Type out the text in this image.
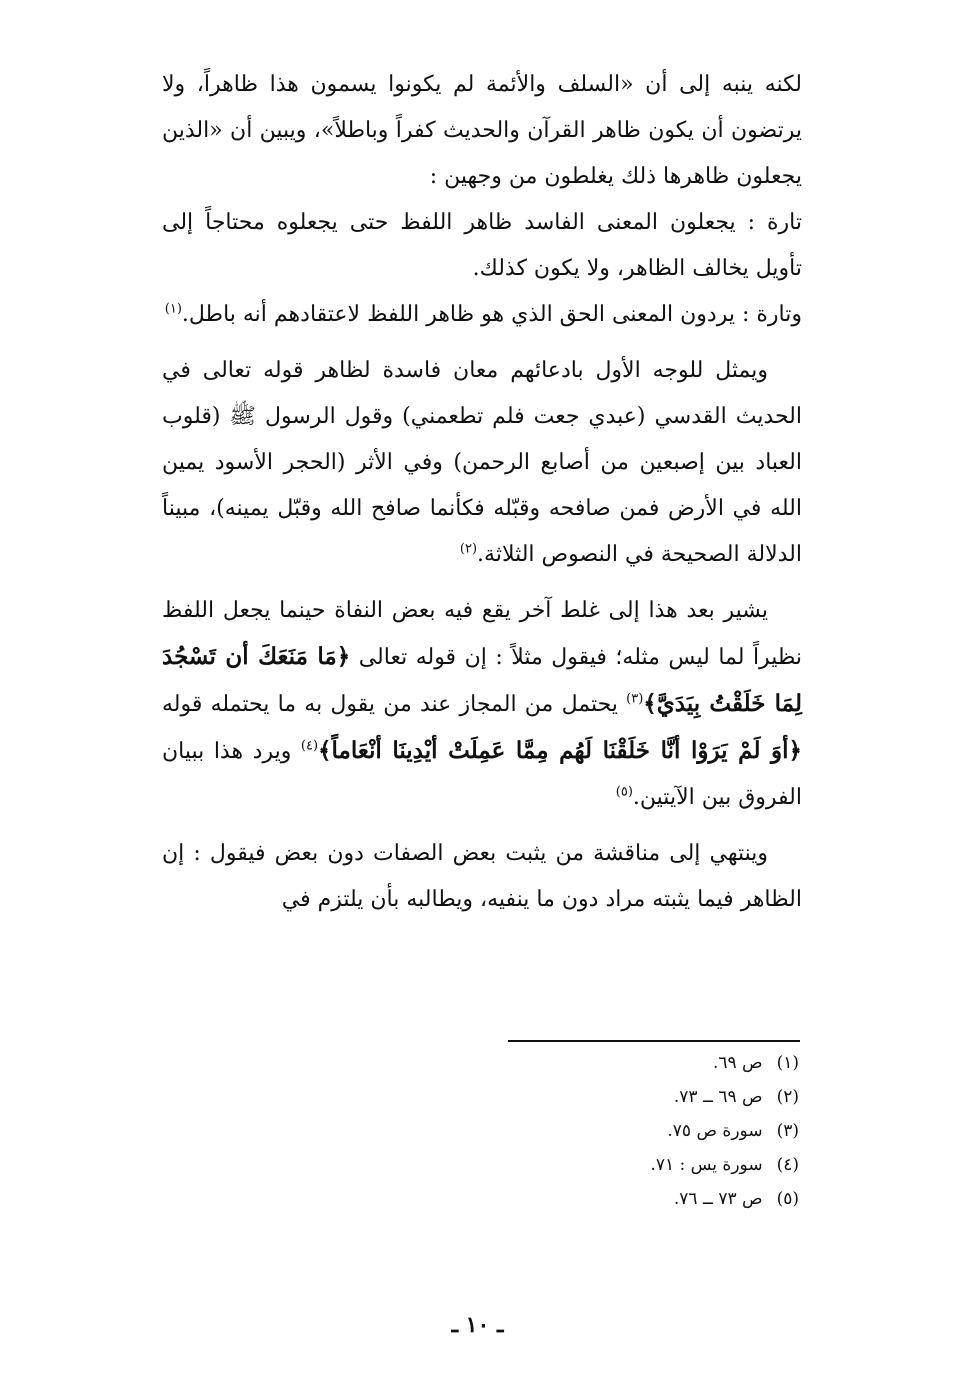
لكنه ينبه إلى أن «السلف والأئمة لم يكونوا يسمون هذا ظاهراً، ولا يرتضون أن يكون ظاهر القرآن والحديث كفراً وباطلاً»، ويبين أن «الذين يجعلون ظاهرها ذلك يغلطون من وجهين :

تارة : يجعلون المعنى الفاسد ظاهر اللفظ حتى يجعلوه محتاجاً إلى تأويل يخالف الظاهر، ولا يكون كذلك.

وتارة : يردون المعنى الحق الذي هو ظاهر اللفظ لاعتقادهم أنه باطل.$^{(١)}$

ويمثل للوجه الأول بادعائهم معان فاسدة لظاهر قوله تعالى في الحديث القدسي (عبدي جعت فلم تطعمني) وقول الرسول ﷺ (قلوب العباد بين إصبعين من أصابع الرحمن) وفي الأثر (الحجر الأسود يمين الله في الأرض فمن صافحه وقبّله فكأنما صافح الله وقبّل يمينه)، مبيناً الدلالة الصحيحة في النصوص الثلاثة.$^{(٢)}$

يشير بعد هذا إلى غلط آخر يقع فيه بعض النفاة حينما يجعل اللفظ نظيراً لما ليس مثله؛ فيقول مثلاً : إن قوله تعالى ﴿مَا مَنَعَكَ أن تَسْجُدَ لِمَا خَلَقْتُ بِيَدَيَّ﴾$^{(٣)}$ يحتمل من المجاز عند من يقول به ما يحتمله قوله ﴿أوَ لَمْ يَرَوْا أنَّا خَلَقْنَا لَهُم مِمَّا عَمِلَتْ أيْدِينَا أنْعَاماً﴾$^{(٤)}$ ويرد هذا ببيان الفروق بين الآيتين.$^{(٥)}$

وينتهي إلى مناقشة من يثبت بعض الصفات دون بعض فيقول : إن الظاهر فيما يثبته مراد دون ما ينفيه، ويطالبه بأن يلتزم في

(١)ص ٦٩.
(٢)ص ٦٩ ــ ٧٣.
(٣)سورة ص ٧٥.
(٤)سورة يس : ٧١.
(٥)ص ٧٣ ــ ٧٦.
ـ ١٠ ـ
